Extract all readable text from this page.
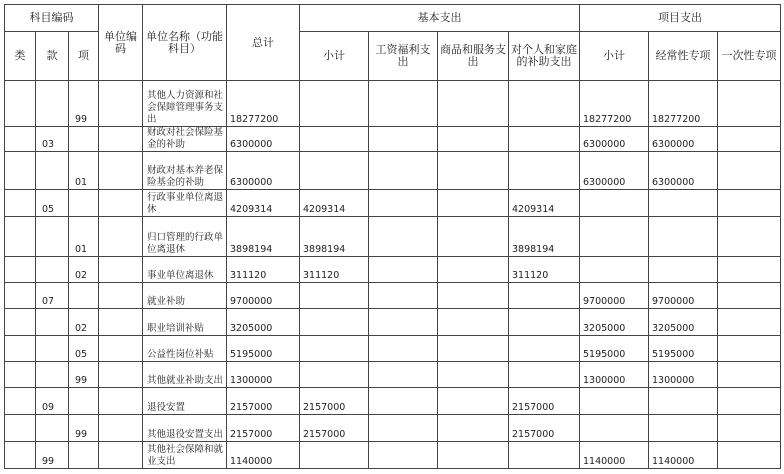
科目编码			单位编码	单位名称（功能科目）	总计	基本支出				项目支出		
类	款	项				小计	工资福利支出	商品和服务支出	对个人和家庭的补助支出	小计	经常性专项	一次性专项
		99		其他人力资源和社会保障管理事务支出	18277200					18277200	18277200	
	03			财政对社会保险基金的补助	6300000					6300000	6300000	
		01		财政对基本养老保险基金的补助	6300000					6300000	6300000	
	05			行政事业单位离退休	4209314	4209314			4209314			
		01		归口管理的行政单位离退休	3898194	3898194			3898194			
		02		事业单位离退休	311120	311120			311120			
	07			就业补助	9700000					9700000	9700000	
		02		职业培训补贴	3205000					3205000	3205000	
		05		公益性岗位补贴	5195000					5195000	5195000	
		99		其他就业补助支出	1300000					1300000	1300000	
	09			退役安置	2157000	2157000			2157000			
		99		其他退役安置支出	2157000	2157000			2157000			
	99			其他社会保障和就业支出	1140000					1140000	1140000	
